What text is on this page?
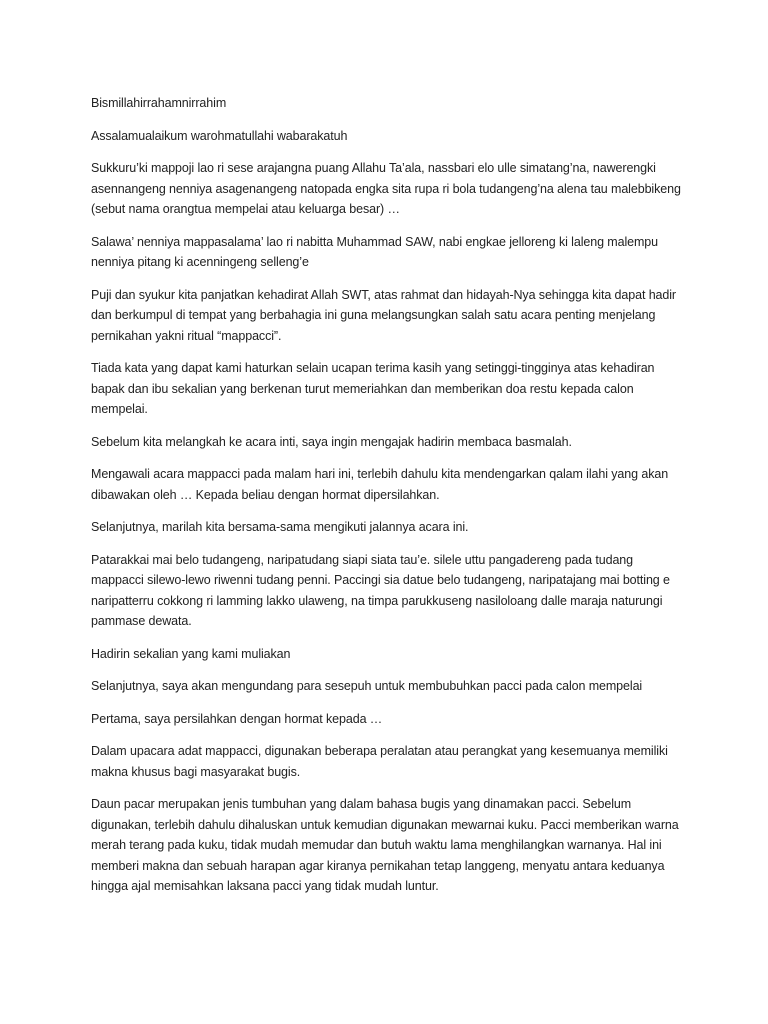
Bismillahirrahamnirrahim

Assalamualaikum warohmatullahi wabarakatuh

Sukkuru’ki mappoji lao ri sese arajangna puang Allahu Ta’ala, nassbari elo ulle simatang’na, nawerengki asennangeng nenniya asagenangeng natopada engka sita rupa ri bola tudangeng’na alena tau malebbikeng (sebut nama orangtua mempelai atau keluarga besar) …

Salawa’ nenniya mappasalama’ lao ri nabitta Muhammad SAW, nabi engkae jelloreng ki laleng malempu nenniya pitang ki acenningeng selleng’e

Puji dan syukur kita panjatkan kehadirat Allah SWT, atas rahmat dan hidayah-Nya sehingga kita dapat hadir dan berkumpul di tempat yang berbahagia ini guna melangsungkan salah satu acara penting menjelang pernikahan yakni ritual “mappacci”.

Tiada kata yang dapat kami haturkan selain ucapan terima kasih yang setinggi-tingginya atas kehadiran bapak dan ibu sekalian yang berkenan turut memeriahkan dan memberikan doa restu kepada calon mempelai.

Sebelum kita melangkah ke acara inti, saya ingin mengajak hadirin membaca basmalah.

Mengawali acara mappacci pada malam hari ini, terlebih dahulu kita mendengarkan qalam ilahi yang akan dibawakan oleh … Kepada beliau dengan hormat dipersilahkan.

Selanjutnya, marilah kita bersama-sama mengikuti jalannya acara ini.

Patarakkai mai belo tudangeng, naripatudang siapi siata tau’e. silele uttu pangadereng pada tudang mappacci silewo-lewo riwenni tudang penni. Paccingi sia datue belo tudangeng, naripatajang mai botting e naripatterru cokkong ri lamming lakko ulaweng, na timpa parukkuseng nasiloloang dalle maraja naturungi pammase dewata.

Hadirin sekalian yang kami muliakan

Selanjutnya, saya akan mengundang para sesepuh untuk membubuhkan pacci pada calon mempelai

Pertama, saya persilahkan dengan hormat kepada …

Dalam upacara adat mappacci, digunakan beberapa peralatan atau perangkat yang kesemuanya memiliki makna khusus bagi masyarakat bugis.

Daun pacar merupakan jenis tumbuhan yang dalam bahasa bugis yang dinamakan pacci. Sebelum digunakan, terlebih dahulu dihaluskan untuk kemudian digunakan mewarnai kuku. Pacci memberikan warna merah terang pada kuku, tidak mudah memudar dan butuh waktu lama menghilangkan warnanya. Hal ini memberi makna dan sebuah harapan agar kiranya pernikahan tetap langgeng, menyatu antara keduanya hingga ajal memisahkan laksana pacci yang tidak mudah luntur.
